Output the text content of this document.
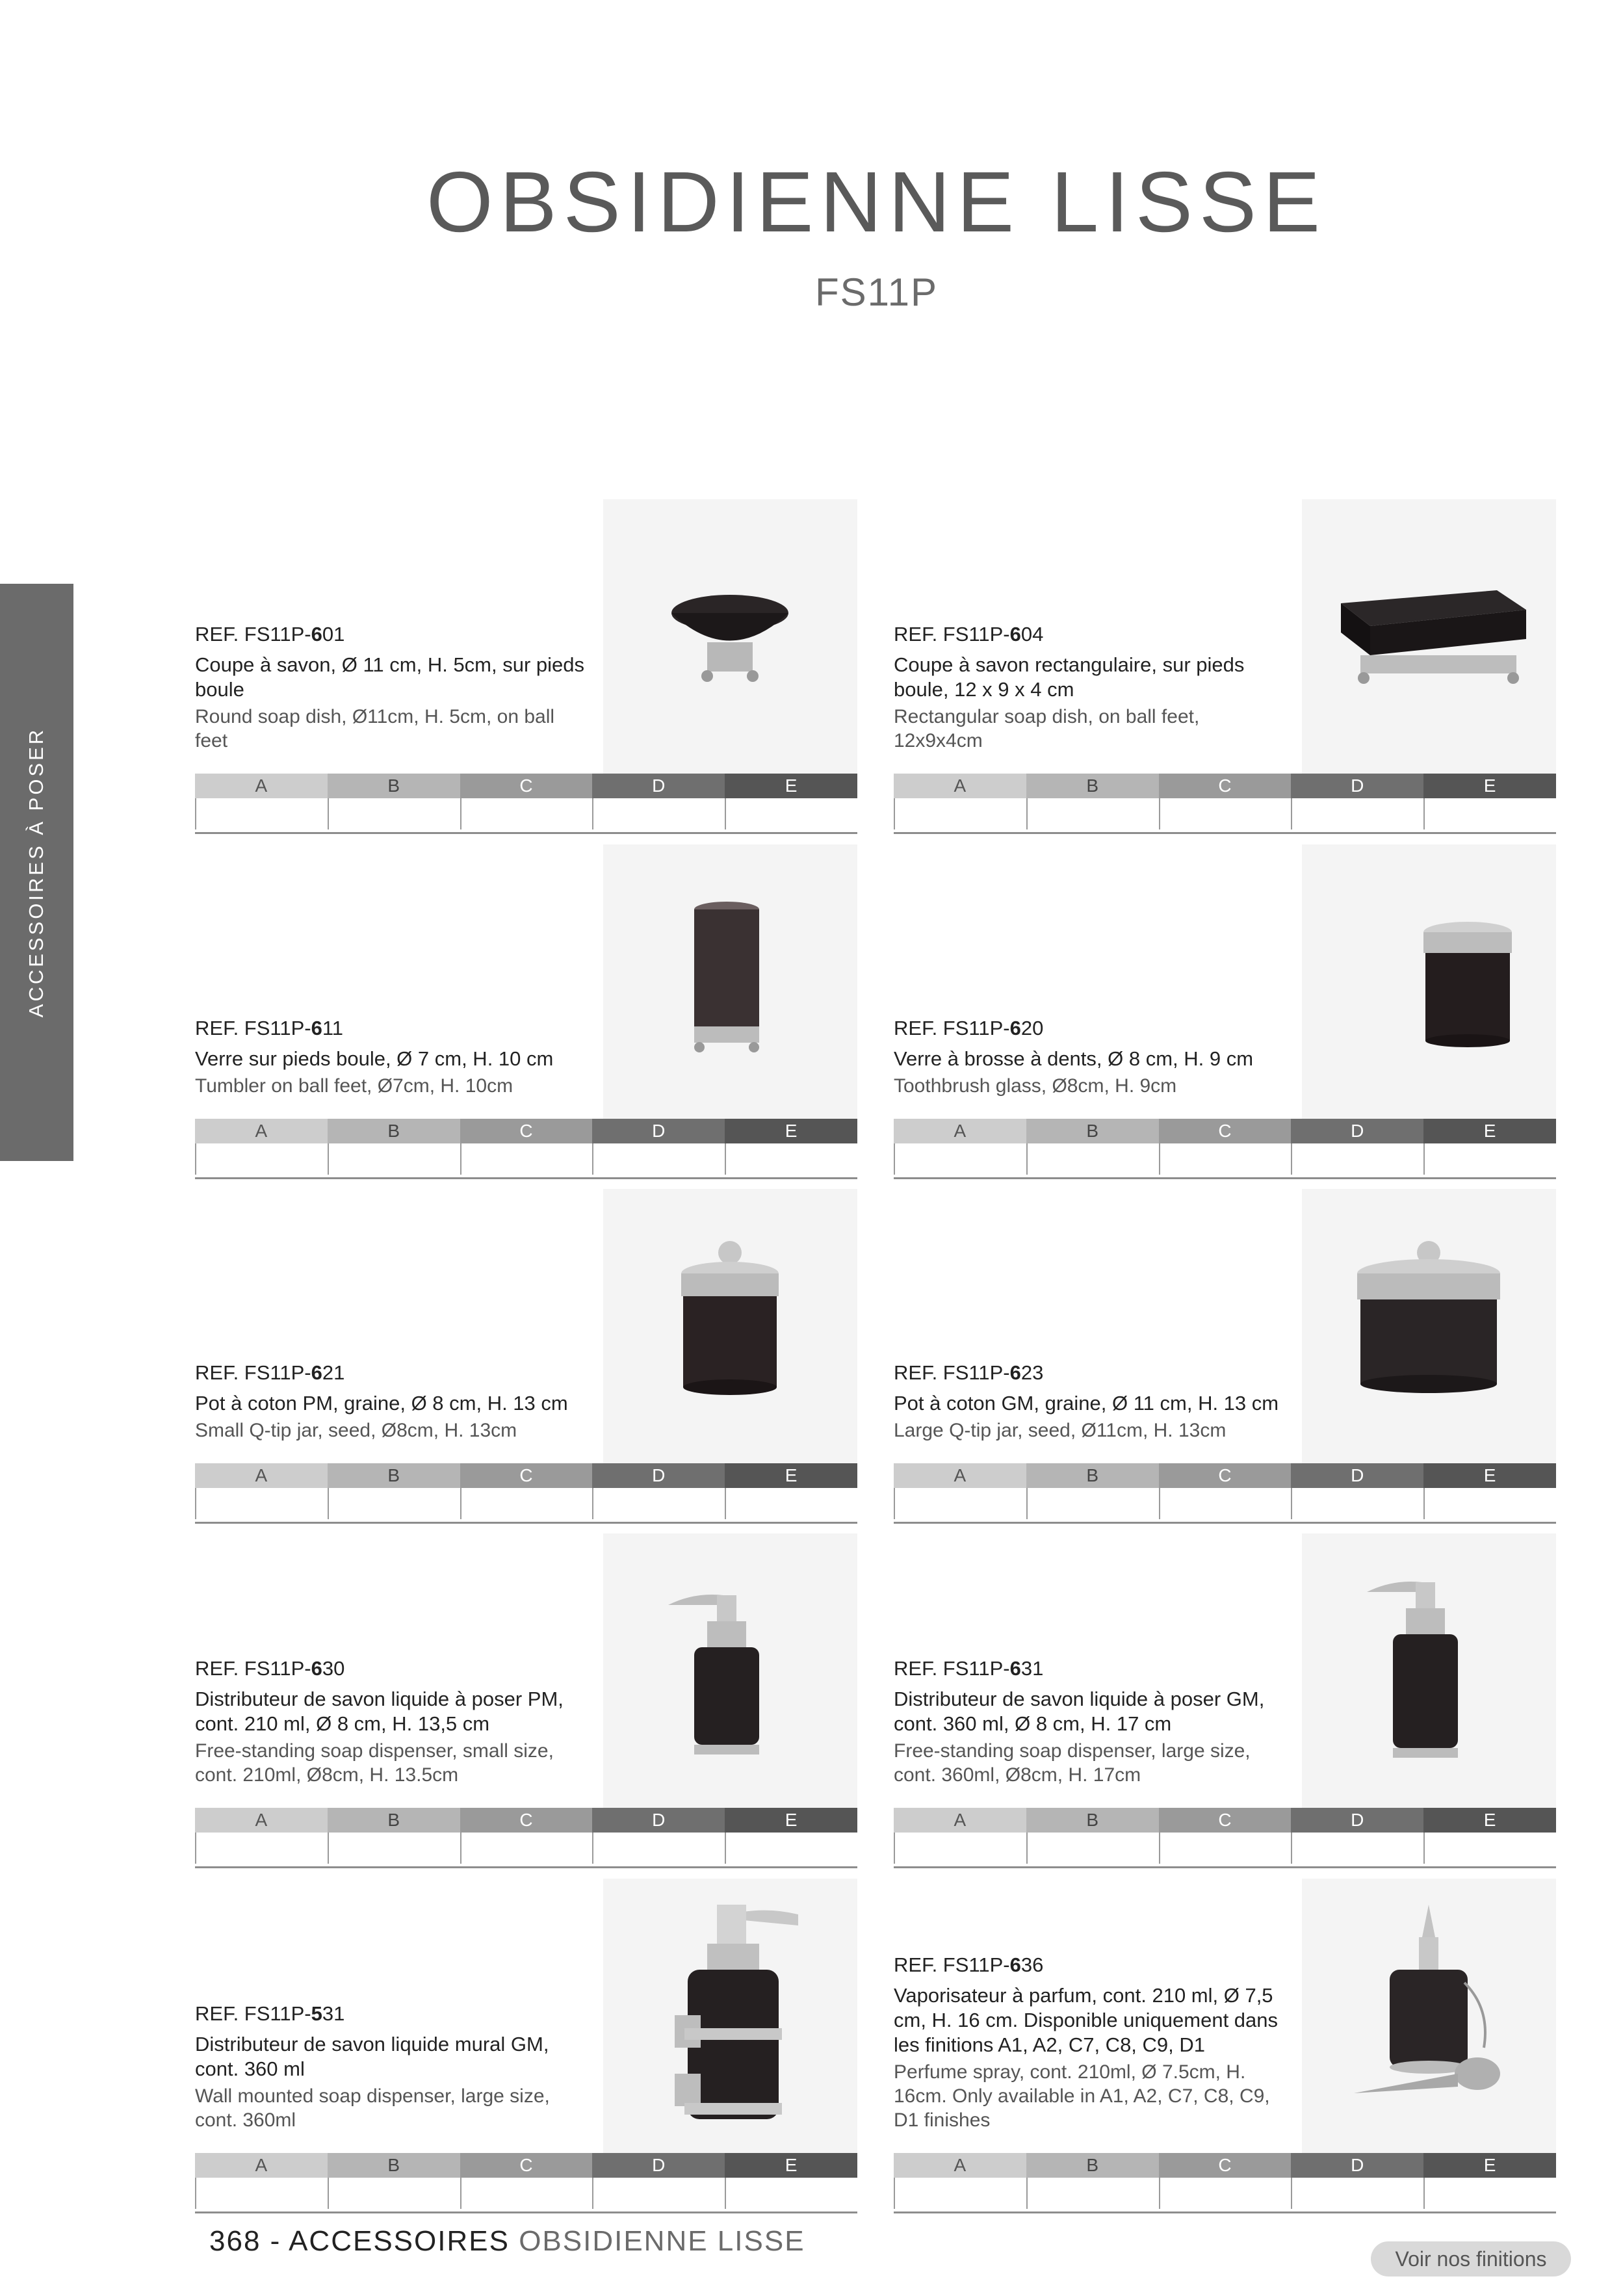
OBSIDIENNE LISSE
FS11P
ACCESSOIRES À POSER
REF. FS11P-601
Coupe à savon, Ø 11 cm, H. 5cm, sur pieds boule
Round soap dish, Ø11cm, H. 5cm, on ball feet
A	B	C	D	E
REF. FS11P-604
Coupe à savon rectangulaire, sur pieds boule, 12 x 9 x 4 cm
Rectangular soap dish, on ball feet, 12x9x4cm
A	B	C	D	E
REF. FS11P-611
Verre sur pieds boule, Ø 7 cm, H. 10 cm
Tumbler on ball feet, Ø7cm, H. 10cm
A	B	C	D	E
REF. FS11P-620
Verre à brosse à dents, Ø 8 cm, H. 9 cm
Toothbrush glass, Ø8cm, H. 9cm
A	B	C	D	E
REF. FS11P-621
Pot à coton PM, graine, Ø 8 cm, H. 13 cm
Small Q-tip jar, seed, Ø8cm, H. 13cm
A	B	C	D	E
REF. FS11P-623
Pot à coton GM, graine, Ø 11 cm, H. 13 cm
Large Q-tip jar, seed, Ø11cm, H. 13cm
A	B	C	D	E
REF. FS11P-630
Distributeur de savon liquide à poser PM, cont. 210 ml, Ø 8 cm, H. 13,5 cm
Free-standing soap dispenser, small size, cont. 210ml, Ø8cm, H. 13.5cm
A	B	C	D	E
REF. FS11P-631
Distributeur de savon liquide à poser GM, cont. 360 ml, Ø 8 cm, H. 17 cm
Free-standing soap dispenser, large size, cont. 360ml, Ø8cm, H. 17cm
A	B	C	D	E
REF. FS11P-531
Distributeur de savon liquide mural GM, cont. 360 ml
Wall mounted soap dispenser, large size, cont. 360ml
A	B	C	D	E
REF. FS11P-636
Vaporisateur à parfum, cont. 210 ml, Ø 7,5 cm, H. 16 cm. Disponible uniquement dans les finitions A1, A2, C7, C8, C9, D1
Perfume spray, cont. 210ml, Ø 7.5cm, H. 16cm. Only available in A1, A2, C7, C8, C9, D1 finishes
A	B	C	D	E
368 - ACCESSOIRES OBSIDIENNE LISSE
Voir nos finitions
